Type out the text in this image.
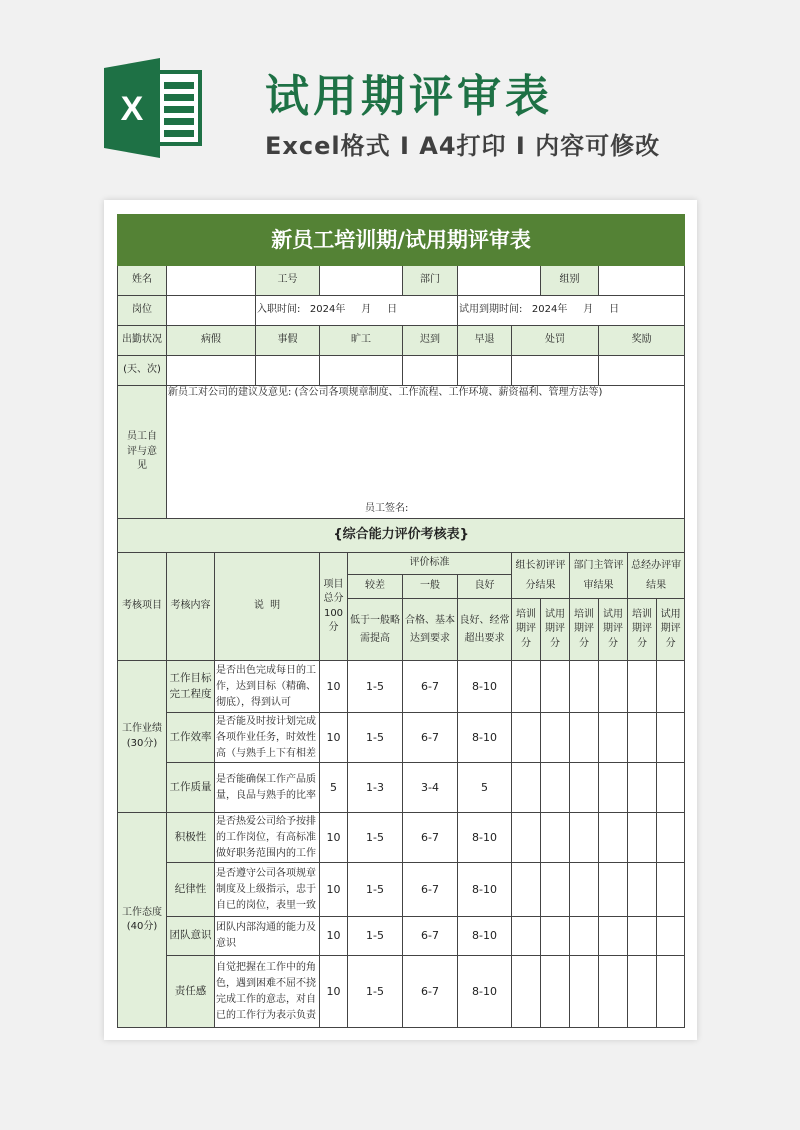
X	试用期评审表
Excel格式 I A4打印 I 内容可修改
新员工培训期/试用期评审表													
姓名			工号			部门			组别				
岗位			入职时间:   2024年     月     日				试用到期时间:   2024年     月     日						
出勤状况	病假		事假	旷工		迟到	早退	处罚			奖励		
(天、次)													
员工自评与意见	新员工对公司的建议及意见: (含公司各项规章制度、工作流程、工作环境、薪资福利、管理方法等)
员工签名:												

{综合能力评价考核表}													
考核项目	考核内容	说  明		项目总分100分	评价标准			组长初评评分结果		部门主管评审结果		总经办评审结果	
					较差	一般	良好						
					低于一般略需提高	合格、基本达到要求	良好、经常超出要求	培训期评分	试用期评分	培训期评分	试用期评分	培训期评分	试用期评分
工作业绩(30分)	工作目标完工程度	是否出色完成每日的工作，达到目标（精确、彻底），得到认可		10	1-5	6-7	8-10						
	工作效率	是否能及时按计划完成各项作业任务，时效性高（与熟手上下有相差		10	1-5	6-7	8-10						
	工作质量	是否能确保工作产品质量，良品与熟手的比率		5	1-3	3-4	5						
工作态度(40分)	积极性	是否热爱公司给予按排的工作岗位，有高标准做好职务范围内的工作		10	1-5	6-7	8-10						
	纪律性	是否遵守公司各项规章制度及上级指示，忠于自已的岗位，表里一致		10	1-5	6-7	8-10						
	团队意识	团队内部沟通的能力及意识		10	1-5	6-7	8-10						
	责任感	自觉把握在工作中的角色，遇到困难不屈不挠完成工作的意志，对自已的工作行为表示负责		10	1-5	6-7	8-10						
